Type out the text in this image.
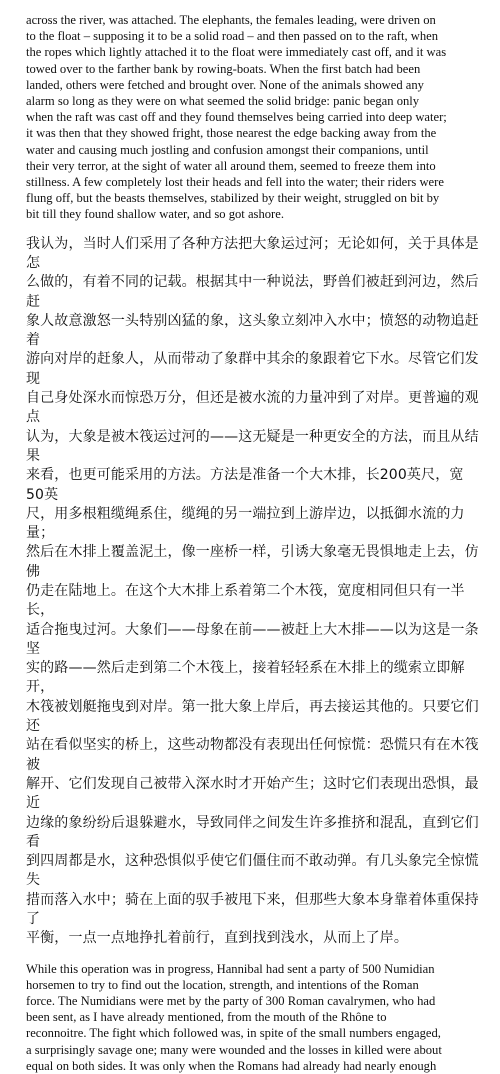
across the river, was attached. The elephants, the females leading, were driven on
to the float – supposing it to be a solid road – and then passed on to the raft, when
the ropes which lightly attached it to the float were immediately cast off, and it was
towed over to the farther bank by rowing-boats. When the first batch had been
landed, others were fetched and brought over. None of the animals showed any
alarm so long as they were on what seemed the solid bridge: panic began only
when the raft was cast off and they found themselves being carried into deep water;
it was then that they showed fright, those nearest the edge backing away from the
water and causing much jostling and confusion amongst their companions, until
their very terror, at the sight of water all around them, seemed to freeze them into
stillness. A few completely lost their heads and fell into the water; their riders were
flung off, but the beasts themselves, stabilized by their weight, struggled on bit by
bit till they found shallow water, and so got ashore.

我认为，当时人们采用了各种方法把大象运过河；无论如何，关于具体是怎
么做的，有着不同的记载。根据其中一种说法，野兽们被赶到河边，然后赶
象人故意激怒一头特别凶猛的象，这头象立刻冲入水中；愤怒的动物追赶着
游向对岸的赶象人，从而带动了象群中其余的象跟着它下水。尽管它们发现
自己身处深水而惊恐万分，但还是被水流的力量冲到了对岸。更普遍的观点
认为，大象是被木筏运过河的——这无疑是一种更安全的方法，而且从结果
来看，也更可能采用的方法。方法是准备一个大木排，长200英尺，宽50英
尺，用多根粗缆绳系住，缆绳的另一端拉到上游岸边，以抵御水流的力量；
然后在木排上覆盖泥土，像一座桥一样，引诱大象毫无畏惧地走上去，仿佛
仍走在陆地上。在这个大木排上系着第二个木筏，宽度相同但只有一半长，
适合拖曳过河。大象们——母象在前——被赶上大木排——以为这是一条坚
实的路——然后走到第二个木筏上，接着轻轻系在木排上的缆索立即解开，
木筏被划艇拖曳到对岸。第一批大象上岸后，再去接运其他的。只要它们还
站在看似坚实的桥上，这些动物都没有表现出任何惊慌：恐慌只有在木筏被
解开、它们发现自己被带入深水时才开始产生；这时它们表现出恐惧，最近
边缘的象纷纷后退躲避水，导致同伴之间发生许多推挤和混乱，直到它们看
到四周都是水，这种恐惧似乎使它们僵住而不敢动弹。有几头象完全惊慌失
措而落入水中；骑在上面的驭手被甩下来，但那些大象本身靠着体重保持了
平衡，一点一点地挣扎着前行，直到找到浅水，从而上了岸。

While this operation was in progress, Hannibal had sent a party of 500 Numidian
horsemen to try to find out the location, strength, and intentions of the Roman
force. The Numidians were met by the party of 300 Roman cavalrymen, who had
been sent, as I have already mentioned, from the mouth of the Rhône to
reconnoitre. The fight which followed was, in spite of the small numbers engaged,
a surprisingly savage one; many were wounded and the losses in killed were about
equal on both sides. It was only when the Romans had already had nearly enough
